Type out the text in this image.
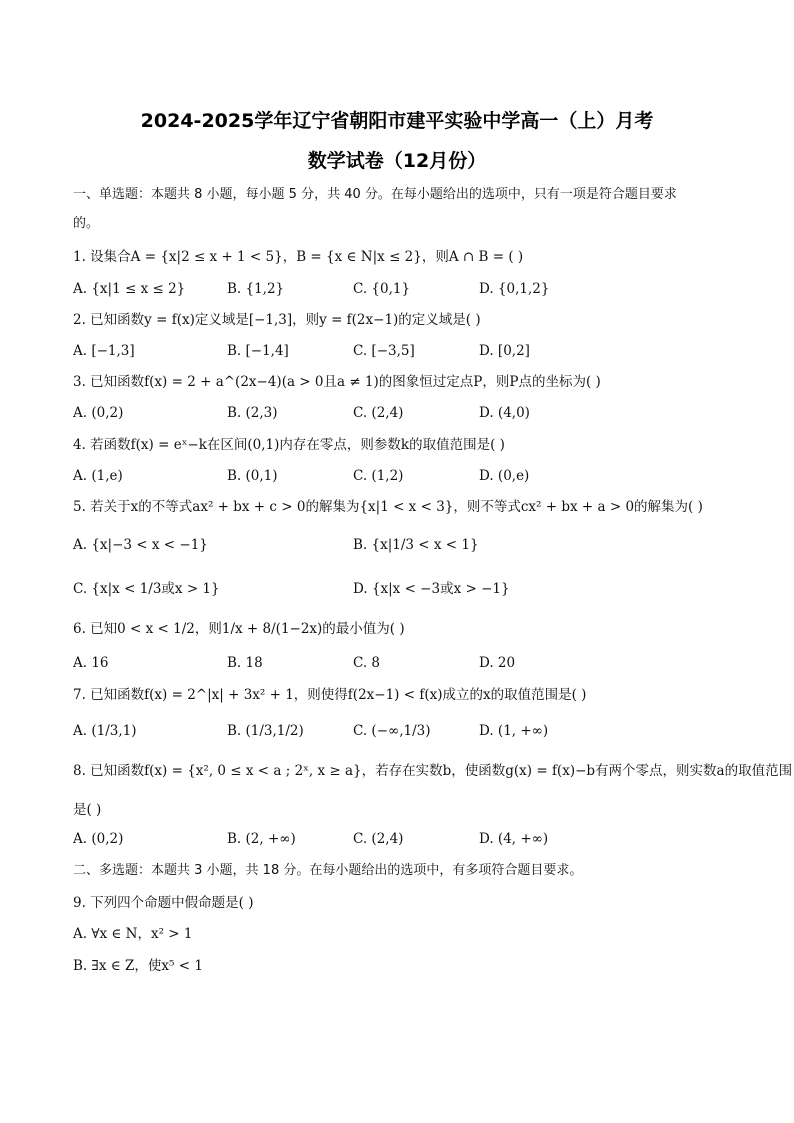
2024-2025学年辽宁省朝阳市建平实验中学高一（上）月考
数学试卷（12月份）
一、单选题：本题共 8 小题，每小题 5 分，共 40 分。在每小题给出的选项中，只有一项是符合题目要求
的。
1. 设集合A = {x|2 ≤ x + 1 < 5}，B = {x ∈ N|x ≤ 2}，则A ∩ B = ( )
A. {x|1 ≤ x ≤ 2}	B. {1,2}	C. {0,1}	D. {0,1,2}
2. 已知函数y = f(x)定义域是[−1,3]，则y = f(2x−1)的定义域是( )
A. [−1,3]	B. [−1,4]	C. [−3,5]	D. [0,2]
3. 已知函数f(x) = 2 + a^(2x−4)(a > 0且a ≠ 1)的图象恒过定点P，则P点的坐标为( )
A. (0,2)	B. (2,3)	C. (2,4)	D. (4,0)
4. 若函数f(x) = eˣ−k在区间(0,1)内存在零点，则参数k的取值范围是( )
A. (1,e)	B. (0,1)	C. (1,2)	D. (0,e)
5. 若关于x的不等式ax² + bx + c > 0的解集为{x|1 < x < 3}，则不等式cx² + bx + a > 0的解集为( )
A. {x|−3 < x < −1}	B. {x|1/3 < x < 1}
C. {x|x < 1/3或x > 1}	D. {x|x < −3或x > −1}
6. 已知0 < x < 1/2，则1/x + 8/(1−2x)的最小值为( )
A. 16	B. 18	C. 8	D. 20
7. 已知函数f(x) = 2^|x| + 3x² + 1，则使得f(2x−1) < f(x)成立的x的取值范围是( )
A. (1/3,1)	B. (1/3,1/2)	C. (−∞,1/3)	D. (1, +∞)
8. 已知函数f(x) = {x², 0 ≤ x < a ; 2ˣ, x ≥ a}，若存在实数b，使函数g(x) = f(x)−b有两个零点，则实数a的取值范围
是( )
A. (0,2)	B. (2, +∞)	C. (2,4)	D. (4, +∞)
二、多选题：本题共 3 小题，共 18 分。在每小题给出的选项中，有多项符合题目要求。
9. 下列四个命题中假命题是( )
A. ∀x ∈ N，x² > 1
B. ∃x ∈ Z，使x⁵ < 1
